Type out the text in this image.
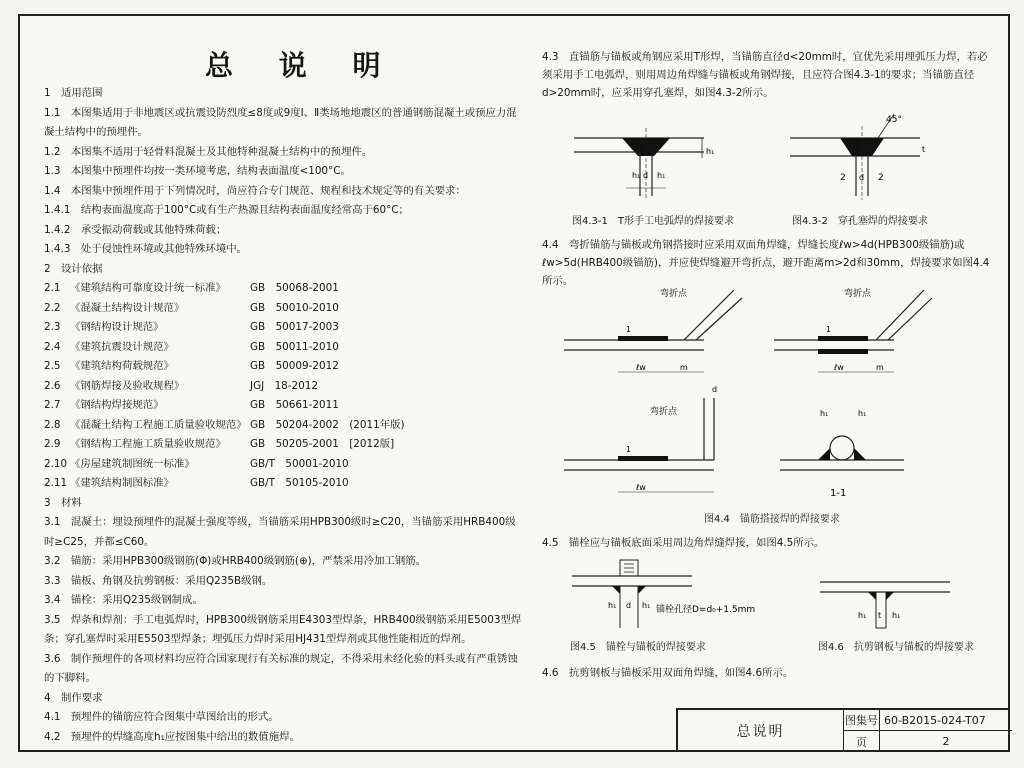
总 说 明
1　适用范围
1.1　本图集适用于非地震区或抗震设防烈度≤8度或9度Ⅰ、Ⅱ类场地地震区的普通钢筋混凝土或预应力混凝土结构中的预埋件。
1.2　本图集不适用于轻骨料混凝土及其他特种混凝土结构中的预埋件。
1.3　本图集中预埋件均按一类环境考虑，结构表面温度<100°C。
1.4　本图集中预埋件用于下列情况时，尚应符合专门规范、规程和技术规定等的有关要求：
1.4.1　结构表面温度高于100°C或有生产热源且结构表面温度经常高于60°C；
1.4.2　承受振动荷载或其他特殊荷载；
1.4.3　处于侵蚀性环境或其他特殊环境中。
2　设计依据
2.1 《建筑结构可靠度设计统一标准》 GB　50068-2001
2.2 《混凝土结构设计规范》	GB　50010-2010
2.3 《钢结构设计规范》	GB　50017-2003
2.4 《建筑抗震设计规范》	GB　50011-2010
2.5 《建筑结构荷载规范》	GB　50009-2012
2.6 《钢筋焊接及验收规程》	JGJ　18-2012
2.7 《钢结构焊接规范》	GB　50661-2011
2.8 《混凝土结构工程施工质量验收规范》 GB　50204-2002　(2011年版)
2.9 《钢结构工程施工质量验收规范》 GB　50205-2001　[2012版]
2.10 《房屋建筑制图统一标准》	GB/T　50001-2010
2.11 《建筑结构制图标准》	GB/T　50105-2010
3　材料
3.1　混凝土：埋设预埋件的混凝土强度等级，当锚筋采用HPB300级时≥C20，当锚筋采用HRB400级时≥C25，并都≤C60。
3.2　锚筋：采用HPB300级钢筋(Φ)或HRB400级钢筋(⊕)，严禁采用冷加工钢筋。
3.3　锚板、角钢及抗剪钢板：采用Q235B级钢。
3.4　锚栓：采用Q235级钢制成。
3.5　焊条和焊剂：手工电弧焊时，HPB300级钢筋采用E4303型焊条，HRB400级钢筋采用E5003型焊条；穿孔塞焊时采用E5503型焊条；埋弧压力焊时采用HJ431型焊剂或其他性能相近的焊剂。
3.6　制作预埋件的各项材料均应符合国家现行有关标准的规定，不得采用未经化验的料头或有严重锈蚀的下脚料。
4　制作要求
4.1　预埋件的锚筋应符合图集中草图给出的形式。
4.2　预埋件的焊缝高度h₁应按图集中给出的数值施焊。
4.3　直锚筋与锚板或角钢应采用T形焊，当锚筋直径d<20mm时，宜优先采用埋弧压力焊，若必须采用手工电弧焊，则用周边角焊缝与锚板或角钢焊接，且应符合图4.3-1的要求；当锚筋直径d>20mm时，应采用穿孔塞焊，如图4.3-2所示。
4.4　弯折锚筋与锚板或角钢搭接时应采用双面角焊缝，焊缝长度ℓw>4d(HPB300级锚筋)或ℓw>5d(HRB400级锚筋)，并应使焊缝避开弯折点，避开距离m>2d和30mm，焊接要求如图4.4所示。
4.5　锚栓应与锚板底面采用周边角焊缝焊接，如图4.5所示。
4.6　抗剪钢板与锚板采用双面角焊缝，如图4.6所示。
h₁
h₁ d h₁
图4.3-1　T形手工电弧焊的焊接要求
45°
2	2
d
t
图4.3-2　穿孔塞焊的焊接要求
弯折点
1
ℓw	m
弯折点
1
ℓw	m
弯折点
d
ℓw
1
h₁	h₁
1-1
图4.4　锚筋搭接焊的焊接要求
h₁ d h₁ 锚栓孔径D=d₀+1.5mm
图4.5　锚栓与锚板的焊接要求
h₁ t h₁
图4.6　抗剪钢板与锚板的焊接要求
总说明
图集号 60-B2015-024-T07
页	2
